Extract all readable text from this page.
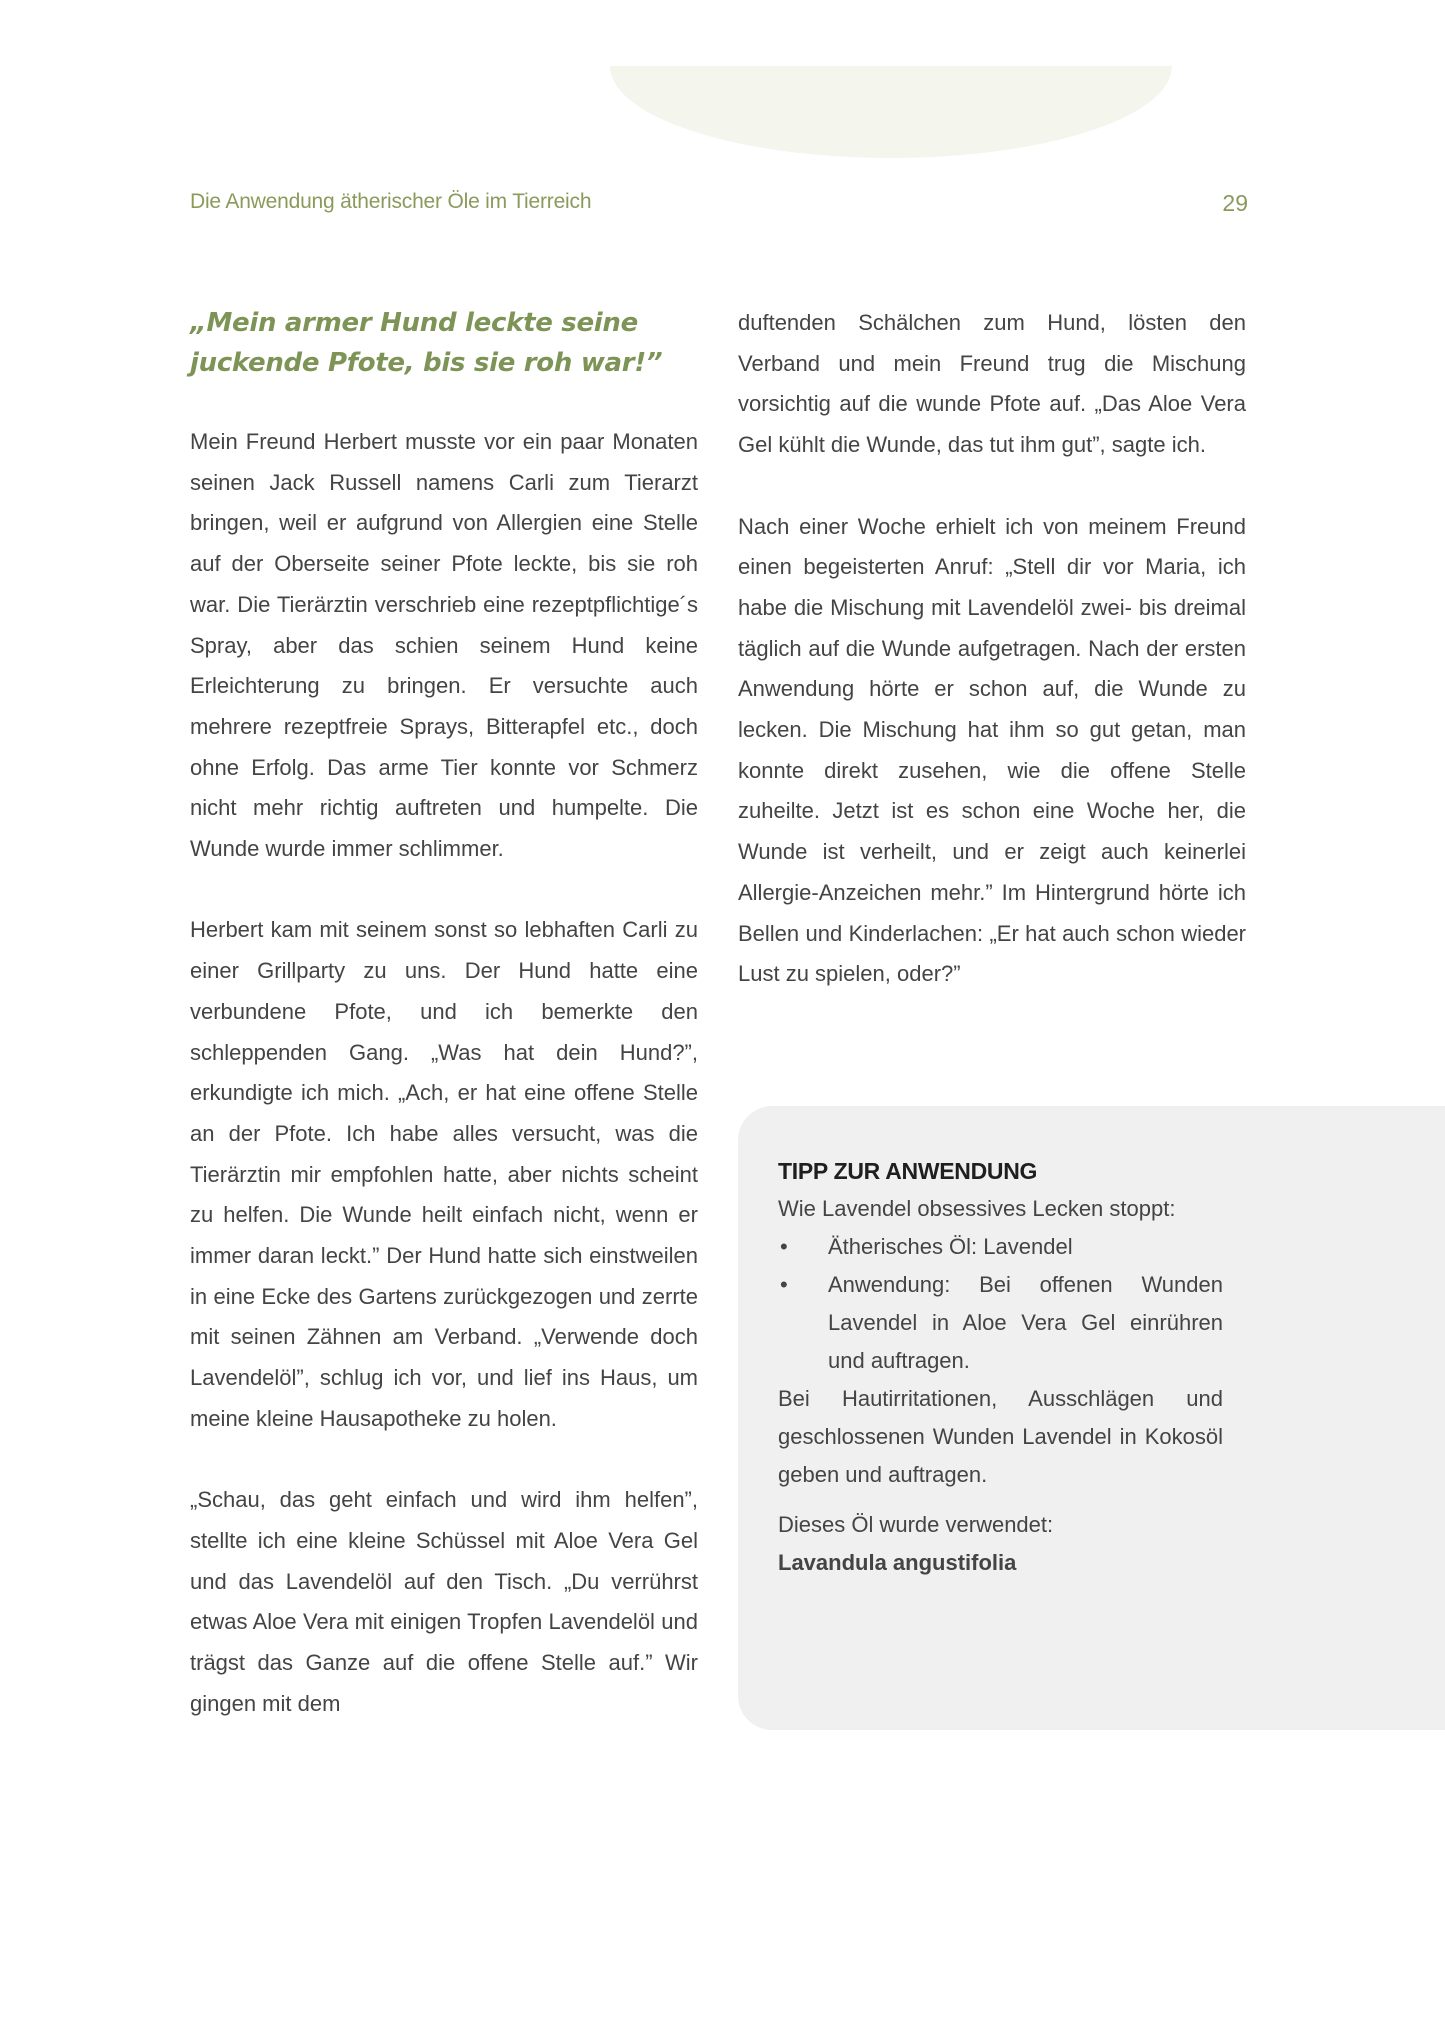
Die Anwendung ätherischer Öle im Tierreich	29
„Mein armer Hund leckte seine juckende Pfote, bis sie roh war!”

Mein Freund Herbert musste vor ein paar Monaten seinen Jack Russell namens Carli zum Tierarzt bringen, weil er aufgrund von Allergien eine Stelle auf der Oberseite seiner Pfote leckte, bis sie roh war. Die Tierärztin verschrieb eine rezeptpflichtige´s Spray, aber das schien seinem Hund keine Erleichterung zu bringen. Er versuchte auch mehrere rezeptfreie Sprays, Bitterapfel etc., doch ohne Erfolg. Das arme Tier konnte vor Schmerz nicht mehr richtig auftreten und humpelte. Die Wunde wurde immer schlimmer.

Herbert kam mit seinem sonst so lebhaften Carli zu einer Grillparty zu uns. Der Hund hatte eine verbundene Pfote, und ich bemerkte den schleppenden Gang. „Was hat dein Hund?”, erkundigte ich mich. „Ach, er hat eine offene Stelle an der Pfote. Ich habe alles versucht, was die Tierärztin mir empfohlen hatte, aber nichts scheint zu helfen. Die Wunde heilt einfach nicht, wenn er immer daran leckt.” Der Hund hatte sich einstweilen in eine Ecke des Gartens zurückgezogen und zerrte mit seinen Zähnen am Verband. „Verwende doch Lavendelöl”, schlug ich vor, und lief ins Haus, um meine kleine Hausapotheke zu holen.

„Schau, das geht einfach und wird ihm helfen”, stellte ich eine kleine Schüssel mit Aloe Vera Gel und das Lavendelöl auf den Tisch. „Du verrührst etwas Aloe Vera mit einigen Tropfen Lavendelöl und trägst das Ganze auf die offene Stelle auf.” Wir gingen mit dem

duftenden Schälchen zum Hund, lösten den Verband und mein Freund trug die Mischung vorsichtig auf die wunde Pfote auf. „Das Aloe Vera Gel kühlt die Wunde, das tut ihm gut”, sagte ich.

Nach einer Woche erhielt ich von meinem Freund einen begeisterten Anruf: „Stell dir vor Maria, ich habe die Mischung mit Lavendelöl zwei- bis dreimal täglich auf die Wunde aufgetragen. Nach der ersten Anwendung hörte er schon auf, die Wunde zu lecken. Die Mischung hat ihm so gut getan, man konnte direkt zusehen, wie die offene Stelle zuheilte. Jetzt ist es schon eine Woche her, die Wunde ist verheilt, und er zeigt auch keinerlei Allergie-Anzeichen mehr.” Im Hintergrund hörte ich Bellen und Kinderlachen: „Er hat auch schon wieder Lust zu spielen, oder?”

TIPP ZUR ANWENDUNG
Wie Lavendel obsessives Lecken stoppt:
• Ätherisches Öl: Lavendel
• Anwendung: Bei offenen Wunden Lavendel in Aloe Vera Gel einrühren und auftragen.
Bei Hautirritationen, Ausschlägen und geschlossenen Wunden Lavendel in Kokosöl geben und auftragen.
Dieses Öl wurde verwendet:
Lavandula angustifolia
